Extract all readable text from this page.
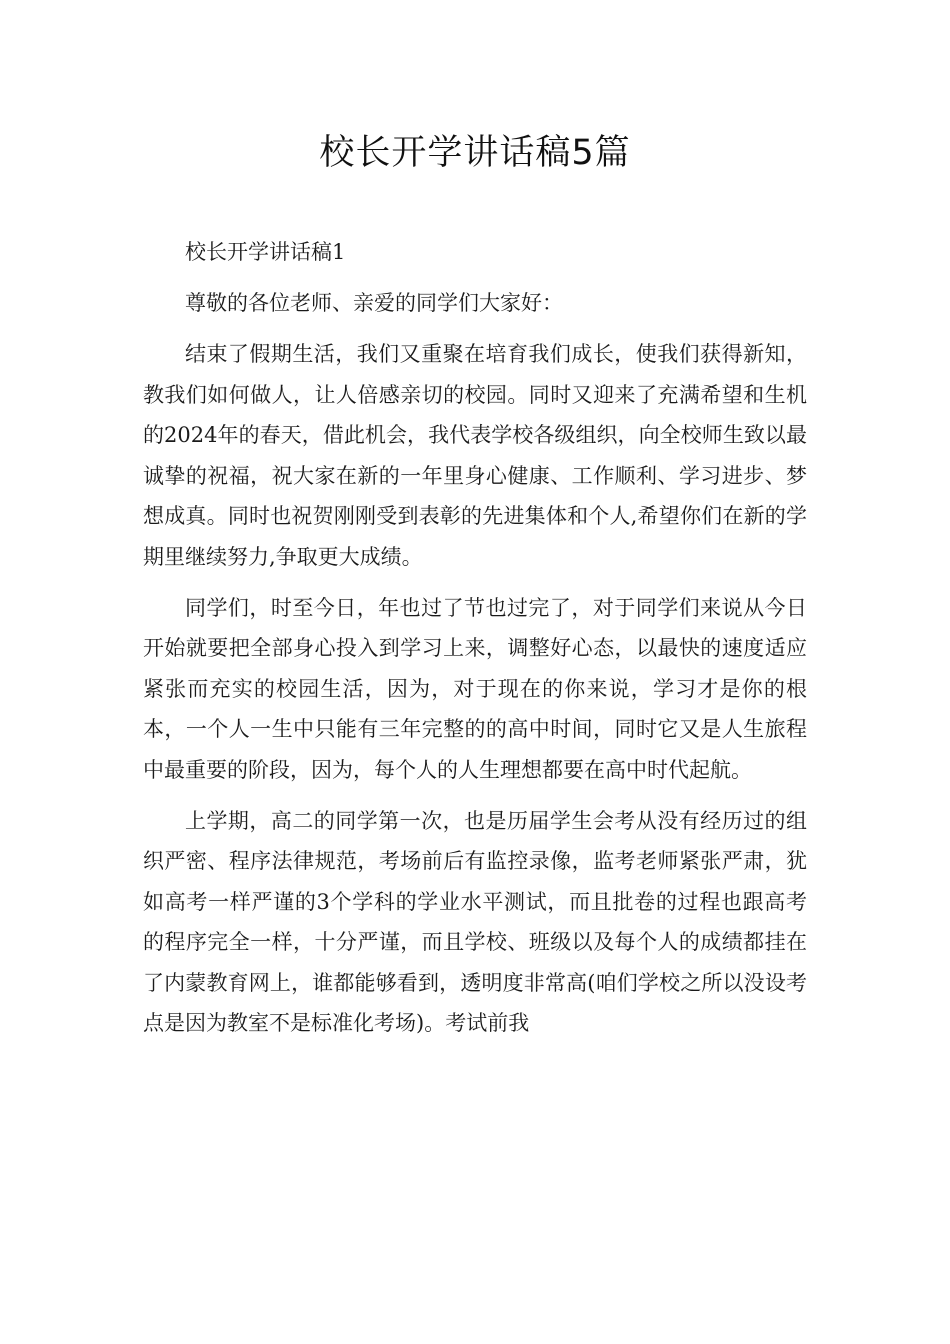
校长开学讲话稿5篇

校长开学讲话稿1

尊敬的各位老师、亲爱的同学们大家好：

结束了假期生活，我们又重聚在培育我们成长，使我们获得新知，教我们如何做人，让人倍感亲切的校园。同时又迎来了充满希望和生机的2024年的春天，借此机会，我代表学校各级组织，向全校师生致以最诚挚的祝福，祝大家在新的一年里身心健康、工作顺利、学习进步、梦想成真。同时也祝贺刚刚受到表彰的先进集体和个人,希望你们在新的学期里继续努力,争取更大成绩。

同学们，时至今日，年也过了节也过完了，对于同学们来说从今日开始就要把全部身心投入到学习上来，调整好心态，以最快的速度适应紧张而充实的校园生活，因为，对于现在的你来说，学习才是你的根本，一个人一生中只能有三年完整的的高中时间，同时它又是人生旅程中最重要的阶段，因为，每个人的人生理想都要在高中时代起航。

上学期，高二的同学第一次，也是历届学生会考从没有经历过的组织严密、程序法律规范，考场前后有监控录像，监考老师紧张严肃，犹如高考一样严谨的3个学科的学业水平测试，而且批卷的过程也跟高考的程序完全一样，十分严谨，而且学校、班级以及每个人的成绩都挂在了内蒙教育网上，谁都能够看到，透明度非常高(咱们学校之所以没设考点是因为教室不是标准化考场)。考试前我
